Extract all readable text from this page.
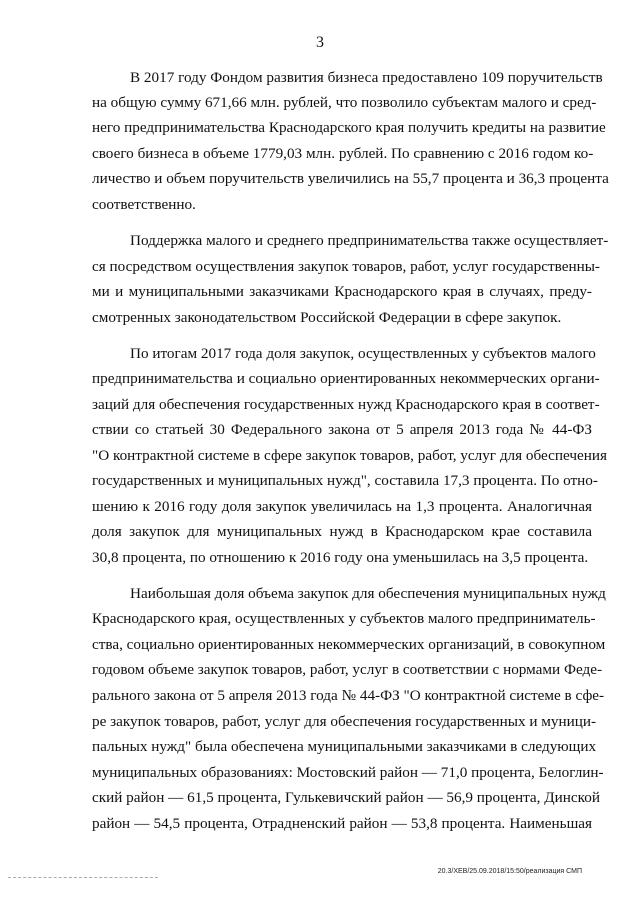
3
В 2017 году Фондом развития бизнеса предоставлено 109 поручительств
на общую сумму 671,66 млн. рублей, что позволило субъектам малого и сред-
него предпринимательства Краснодарского края получить кредиты на развитие
своего бизнеса в объеме 1779,03 млн. рублей. По сравнению с 2016 годом ко-
личество и объем поручительств увеличились на 55,7 процента и 36,3 процента
соответственно.
Поддержка малого и среднего предпринимательства также осуществляет-
ся посредством осуществления закупок товаров, работ, услуг государственны-
ми и муниципальными заказчиками Краснодарского края в случаях, преду-
смотренных законодательством Российской Федерации в сфере закупок.
По итогам 2017 года доля закупок, осуществленных у субъектов малого
предпринимательства и социально ориентированных некоммерческих органи-
заций для обеспечения государственных нужд Краснодарского края в соответ-
ствии со статьей 30 Федерального закона от 5 апреля 2013 года № 44-ФЗ
"О контрактной системе в сфере закупок товаров, работ, услуг для обеспечения
государственных и муниципальных нужд", составила 17,3 процента. По отно-
шению к 2016 году доля закупок увеличилась на 1,3 процента. Аналогичная
доля закупок для муниципальных нужд в Краснодарском крае составила
30,8 процента, по отношению к 2016 году она уменьшилась на 3,5 процента.
Наибольшая доля объема закупок для обеспечения муниципальных нужд
Краснодарского края, осуществленных у субъектов малого предприниматель-
ства, социально ориентированных некоммерческих организаций, в совокупном
годовом объеме закупок товаров, работ, услуг в соответствии с нормами Феде-
рального закона от 5 апреля 2013 года № 44-ФЗ "О контрактной системе в сфе-
ре закупок товаров, работ, услуг для обеспечения государственных и муници-
пальных нужд" была обеспечена муниципальными заказчиками в следующих
муниципальных образованиях: Мостовский район — 71,0 процента, Белоглин-
ский район — 61,5 процента, Гулькевичский район — 56,9 процента, Динской
район — 54,5 процента, Отрадненский район — 53,8 процента. Наименьшая
20.3/ХЕВ/25.09.2018/15:50/реализация СМП
